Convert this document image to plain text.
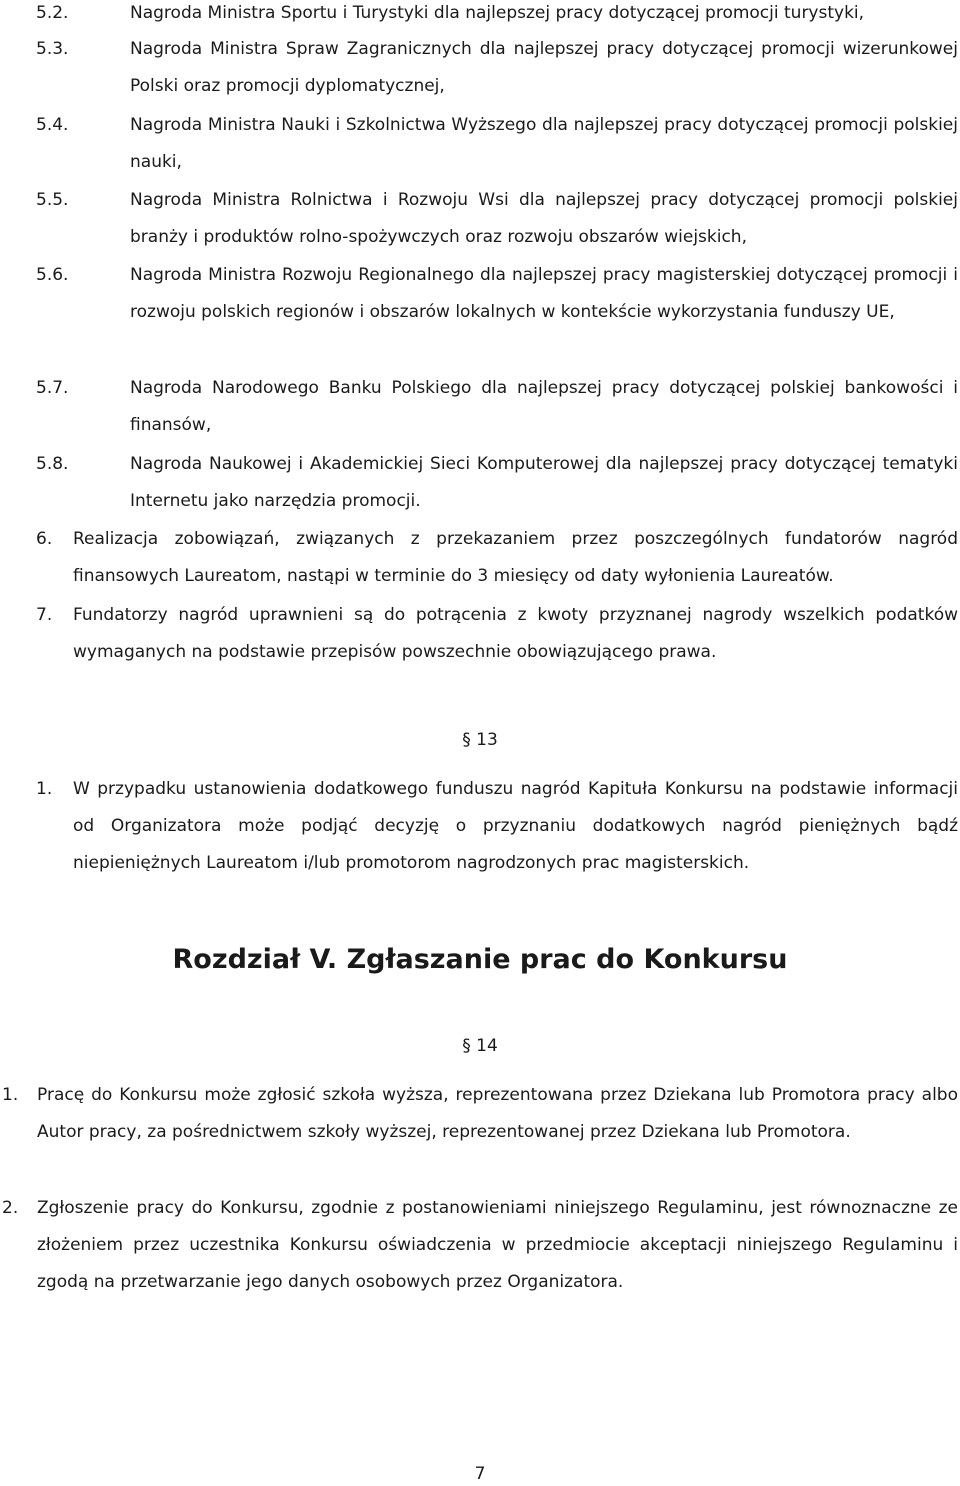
5.2.	Nagroda Ministra Sportu i Turystyki dla najlepszej pracy dotyczącej promocji turystyki,
5.3.	Nagroda Ministra Spraw Zagranicznych dla najlepszej pracy dotyczącej promocji wizerunkowej Polski oraz promocji dyplomatycznej,
5.4.	Nagroda Ministra Nauki i Szkolnictwa Wyższego dla najlepszej pracy dotyczącej promocji polskiej nauki,
5.5.	Nagroda Ministra Rolnictwa i Rozwoju Wsi dla najlepszej pracy dotyczącej promocji polskiej branży i produktów rolno-spożywczych oraz rozwoju obszarów wiejskich,
5.6.	Nagroda Ministra Rozwoju Regionalnego dla najlepszej pracy magisterskiej dotyczącej promocji i rozwoju polskich regionów i obszarów lokalnych w kontekście wykorzystania funduszy UE,
5.7.	Nagroda Narodowego Banku Polskiego dla najlepszej pracy dotyczącej polskiej bankowości i finansów,
5.8.	Nagroda Naukowej i Akademickiej Sieci Komputerowej dla najlepszej pracy dotyczącej tematyki Internetu jako narzędzia promocji.
6. Realizacja zobowiązań, związanych z przekazaniem przez poszczególnych fundatorów nagród finansowych Laureatom, nastąpi w terminie do 3 miesięcy od daty wyłonienia Laureatów.
7. Fundatorzy nagród uprawnieni są do potrącenia z kwoty przyznanej nagrody wszelkich podatków wymaganych na podstawie przepisów powszechnie obowiązującego prawa.
§ 13
1. W przypadku ustanowienia dodatkowego funduszu nagród Kapituła Konkursu na podstawie informacji od Organizatora może podjąć decyzję o przyznaniu dodatkowych nagród pieniężnych bądź niepieniężnych Laureatom i/lub promotorom nagrodzonych prac magisterskich.
Rozdział V. Zgłaszanie prac do Konkursu
§ 14
1. Pracę do Konkursu może zgłosić szkoła wyższa, reprezentowana przez Dziekana lub Promotora pracy albo Autor pracy, za pośrednictwem szkoły wyższej, reprezentowanej przez Dziekana lub Promotora.
2. Zgłoszenie pracy do Konkursu, zgodnie z postanowieniami niniejszego Regulaminu, jest równoznaczne ze złożeniem przez uczestnika Konkursu oświadczenia w przedmiocie akceptacji niniejszego Regulaminu i zgodą na przetwarzanie jego danych osobowych przez Organizatora.
7
